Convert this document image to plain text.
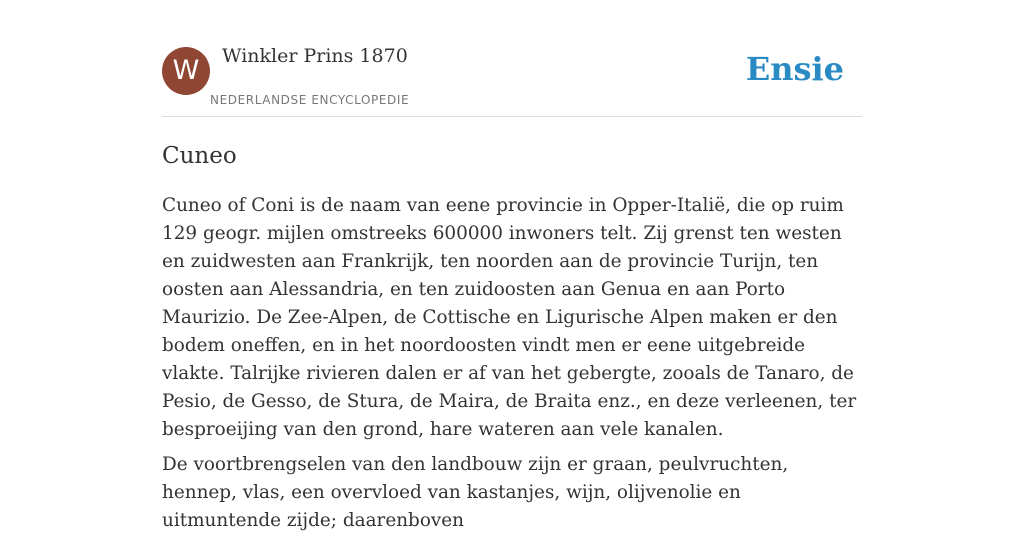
W	Winkler Prins 1870
NEDERLANDSE ENCYCLOPEDIE
Ensie
Cuneo

Cuneo of Coni is de naam van eene provincie in Opper-Italië, die op ruim 129 geogr. mijlen omstreeks 600000 inwoners telt. Zij grenst ten westen en zuidwesten aan Frankrijk, ten noorden aan de provincie Turijn, ten oosten aan Alessandria, en ten zuidoosten aan Genua en aan Porto Maurizio. De Zee-Alpen, de Cottische en Ligurische Alpen maken er den bodem oneffen, en in het noordoosten vindt men er eene uitgebreide vlakte. Talrijke rivieren dalen er af van het gebergte, zooals de Tanaro, de Pesio, de Gesso, de Stura, de Maira, de Braita enz., en deze verleenen, ter besproeijing van den grond, hare wateren aan vele kanalen.

De voortbrengselen van den landbouw zijn er graan, peulvruchten, hennep, vlas, een overvloed van kastanjes, wijn, olijvenolie en uitmuntende zijde; daarenboven
